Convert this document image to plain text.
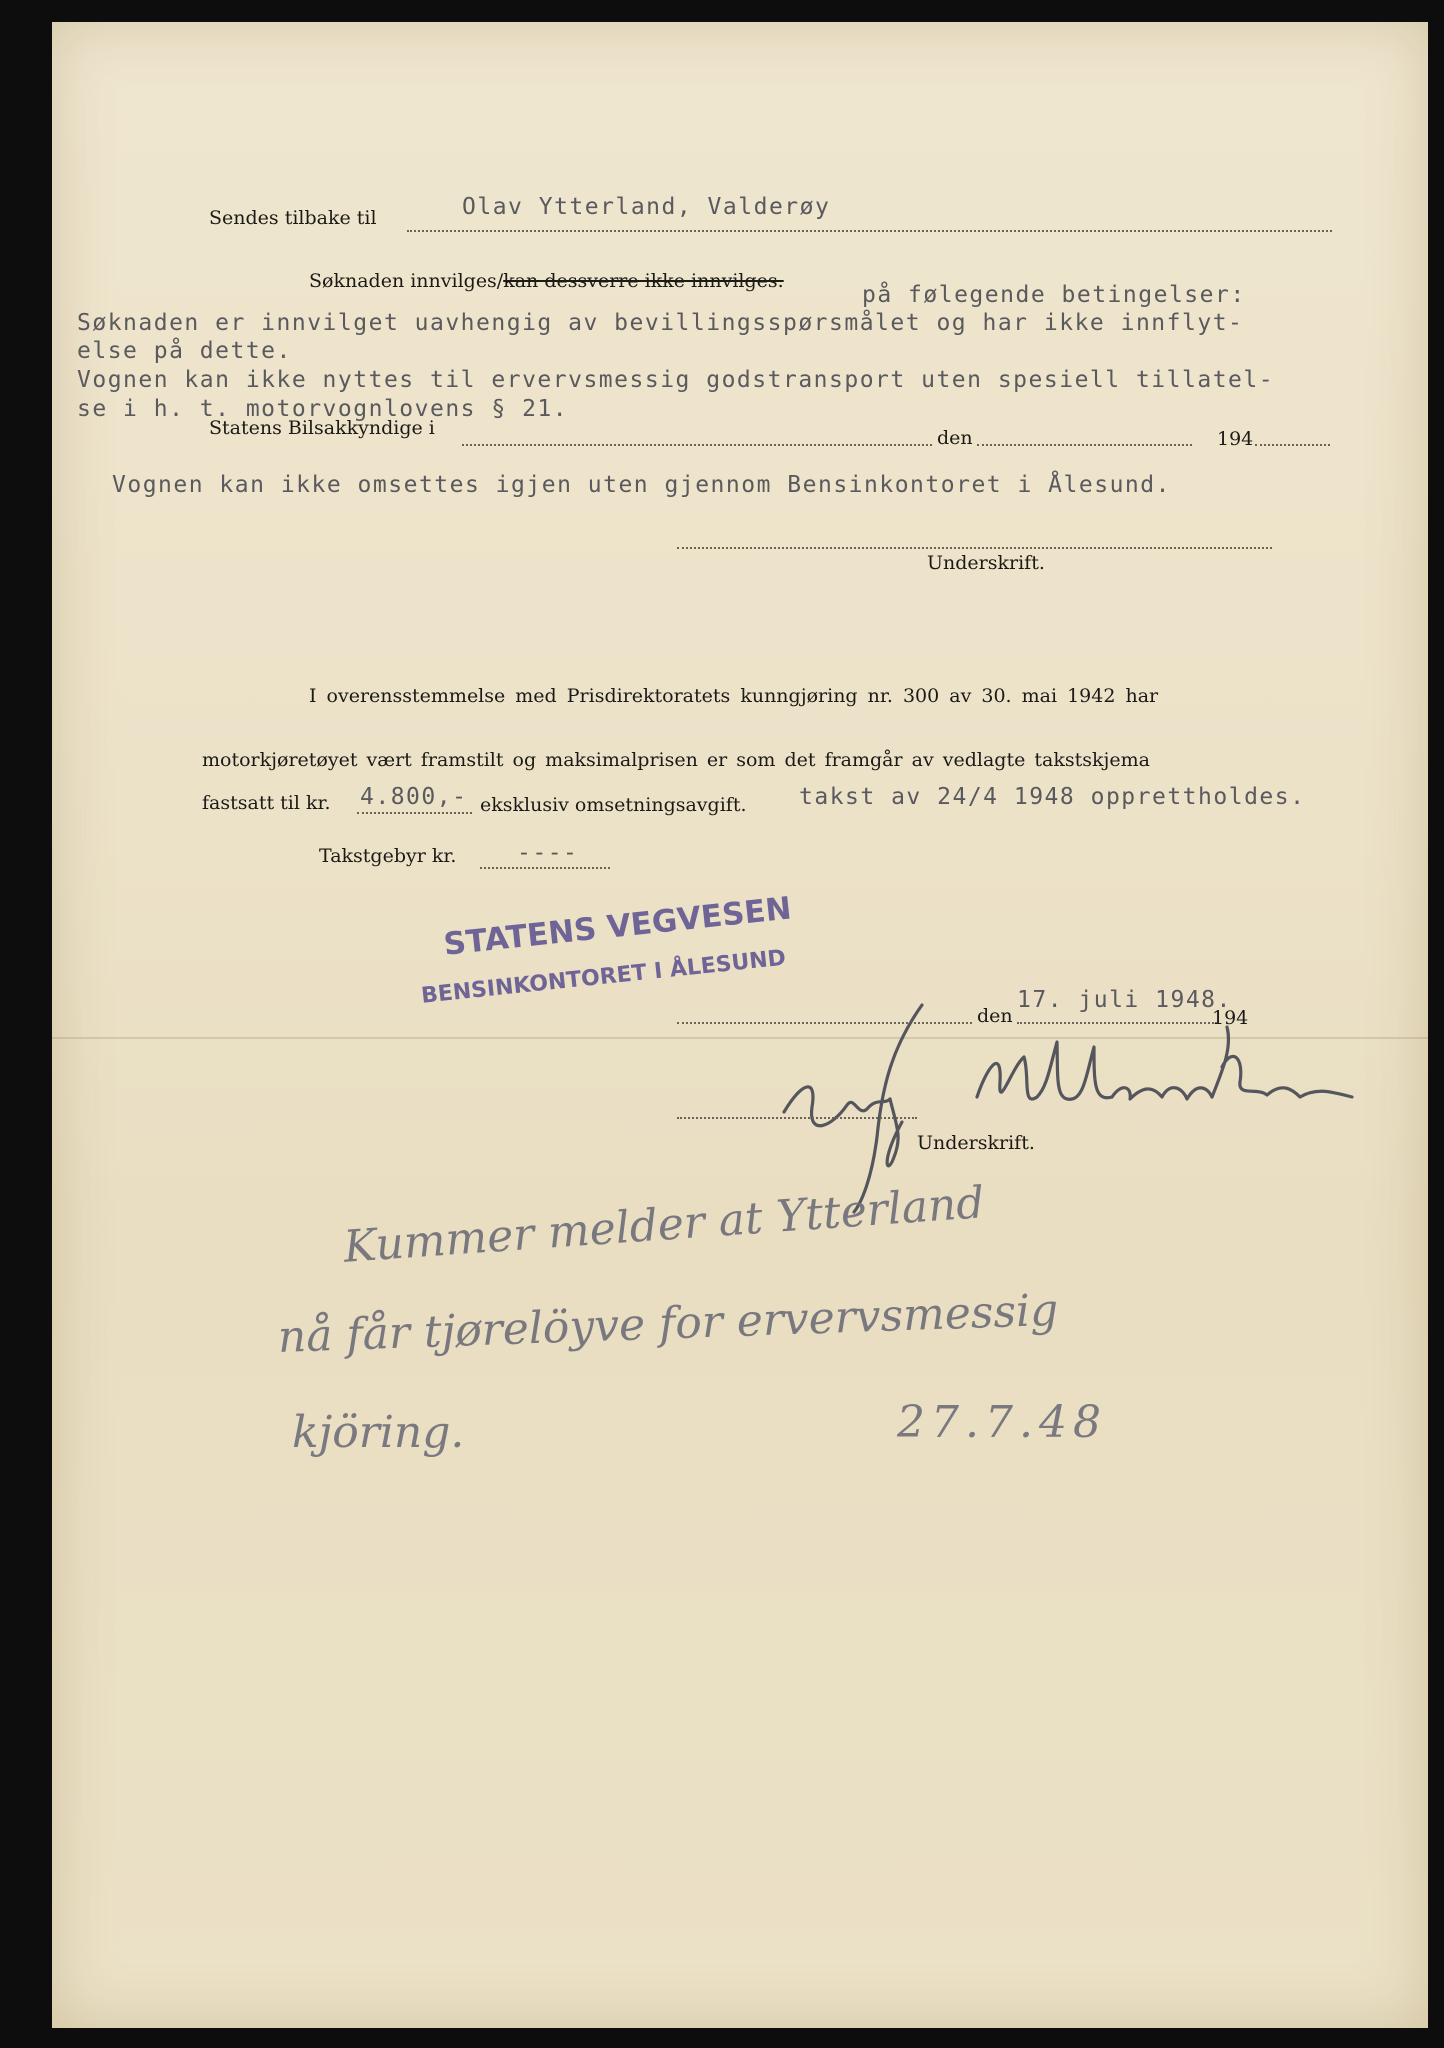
Sendes tilbake til	Olav Ytterland, Valderøy
Søknaden innvilges/kan dessverre ikke innvilges.
på følegende betingelser:
Søknaden er innvilget uavhengig av bevillingsspørsmålet og har ikke innflyt-
else på dette.
Vognen kan ikke nyttes til ervervsmessig godstransport uten spesiell tillatel-
se i h. t. motorvognlovens § 21.
Statens Bilsakkyndige i	den	194
Vognen kan ikke omsettes igjen uten gjennom Bensinkontoret i Ålesund.
Underskrift.
I overensstemmelse med Prisdirektoratets kunngjøring nr. 300 av 30. mai 1942 har
motorkjøretøyet vært framstilt og maksimalprisen er som det framgår av vedlagte takstskjema
fastsatt til kr. 4.800,- eksklusiv omsetningsavgift. takst av 24/4 1948 opprettholdes.
Takstgebyr kr.	----
STATENS VEGVESEN
BENSINKONTORET I ÅLESUND
den
17. juli 1948.
194
Underskrift.
Kummer melder at Ytterland
nå får tjørelöyve for ervervsmessig
kjöring.	27.7.48
